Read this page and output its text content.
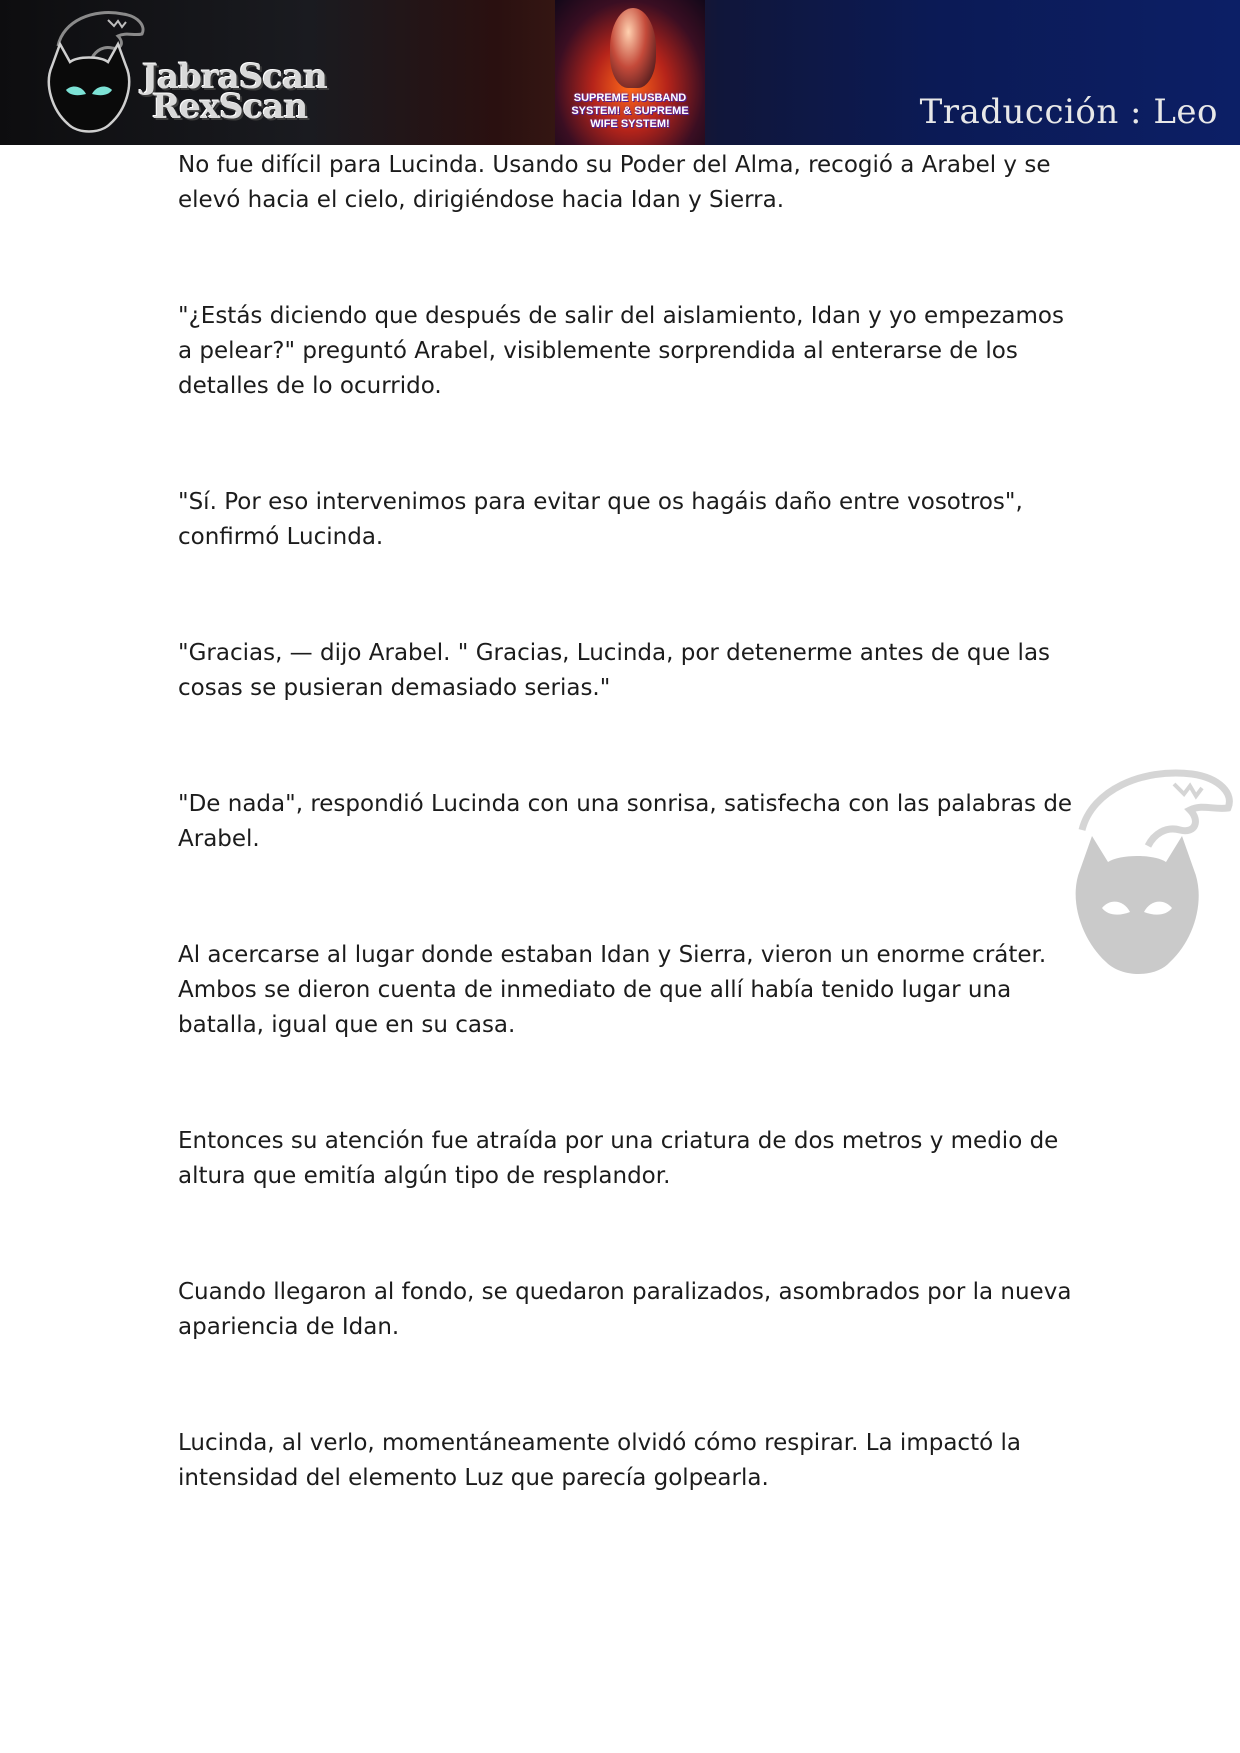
JabraScan
RexScan	SUPREME HUSBAND
SYSTEM! & SUPREME
WIFE SYSTEM!	Traducción : Leo

No fue difícil para Lucinda. Usando su Poder del Alma, recogió a Arabel y se elevó hacia el cielo, dirigiéndose hacia Idan y Sierra.

"¿Estás diciendo que después de salir del aislamiento, Idan y yo empezamos a pelear?" preguntó Arabel, visiblemente sorprendida al enterarse de los detalles de lo ocurrido.

"Sí. Por eso intervenimos para evitar que os hagáis daño entre vosotros", confirmó Lucinda.

"Gracias, — dijo Arabel. " Gracias, Lucinda, por detenerme antes de que las cosas se pusieran demasiado serias."

"De nada", respondió Lucinda con una sonrisa, satisfecha con las palabras de Arabel.

Al acercarse al lugar donde estaban Idan y Sierra, vieron un enorme cráter. Ambos se dieron cuenta de inmediato de que allí había tenido lugar una batalla, igual que en su casa.

Entonces su atención fue atraída por una criatura de dos metros y medio de altura que emitía algún tipo de resplandor.

Cuando llegaron al fondo, se quedaron paralizados, asombrados por la nueva apariencia de Idan.

Lucinda, al verlo, momentáneamente olvidó cómo respirar. La impactó la intensidad del elemento Luz que parecía golpearla.
